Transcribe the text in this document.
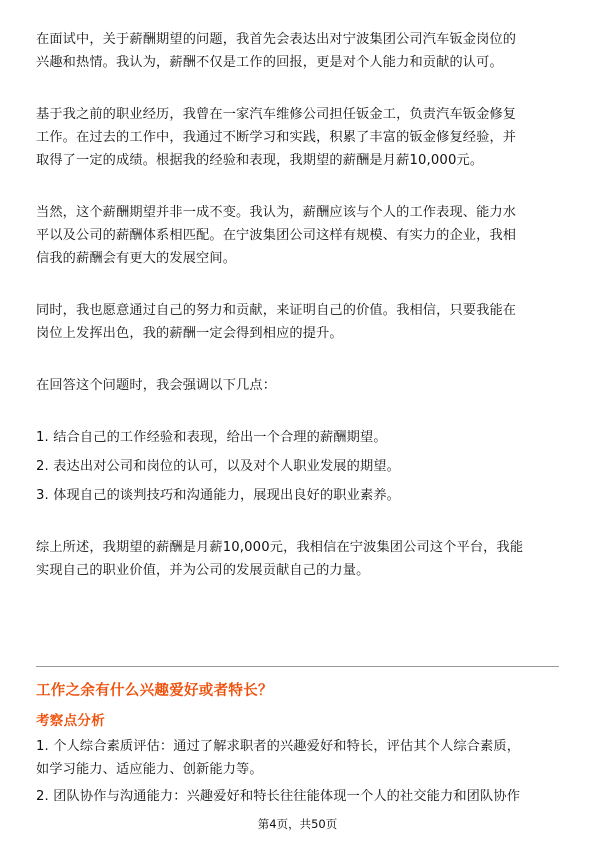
在面试中，关于薪酬期望的问题，我首先会表达出对宁波集团公司汽车钣金岗位的

兴趣和热情。我认为，薪酬不仅是工作的回报，更是对个人能力和贡献的认可。

基于我之前的职业经历，我曾在一家汽车维修公司担任钣金工，负责汽车钣金修复

工作。在过去的工作中，我通过不断学习和实践，积累了丰富的钣金修复经验，并

取得了一定的成绩。根据我的经验和表现，我期望的薪酬是月薪10,000元。

当然，这个薪酬期望并非一成不变。我认为，薪酬应该与个人的工作表现、能力水

平以及公司的薪酬体系相匹配。在宁波集团公司这样有规模、有实力的企业，我相

信我的薪酬会有更大的发展空间。

同时，我也愿意通过自己的努力和贡献，来证明自己的价值。我相信，只要我能在

岗位上发挥出色，我的薪酬一定会得到相应的提升。

在回答这个问题时，我会强调以下几点：

1. 结合自己的工作经验和表现，给出一个合理的薪酬期望。

2. 表达出对公司和岗位的认可，以及对个人职业发展的期望。

3. 体现自己的谈判技巧和沟通能力，展现出良好的职业素养。

综上所述，我期望的薪酬是月薪10,000元，我相信在宁波集团公司这个平台，我能

实现自己的职业价值，并为公司的发展贡献自己的力量。

工作之余有什么兴趣爱好或者特长？

考察点分析

1. 个人综合素质评估：通过了解求职者的兴趣爱好和特长，评估其个人综合素质，

如学习能力、适应能力、创新能力等。

2. 团队协作与沟通能力：兴趣爱好和特长往往能体现一个人的社交能力和团队协作

第4页，共50页
